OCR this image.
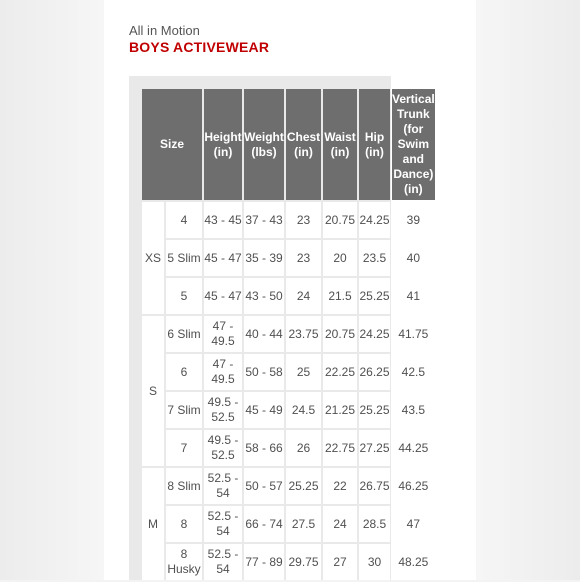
All in Motion
BOYS ACTIVEWEAR
Size		Height (in)	Weight (lbs)	Chest (in)	Waist (in)	Hip (in)	Vertical Trunk (for Swim and Dance) (in)
XS	4	43 - 45	37 - 43	23	20.75	24.25	39
	5 Slim	45 - 47	35 - 39	23	20	23.5	40
	5	45 - 47	43 - 50	24	21.5	25.25	41
S	6 Slim	47 - 49.5	40 - 44	23.75	20.75	24.25	41.75
	6	47 - 49.5	50 - 58	25	22.25	26.25	42.5
	7 Slim	49.5 - 52.5	45 - 49	24.5	21.25	25.25	43.5
	7	49.5 - 52.5	58 - 66	26	22.75	27.25	44.25
M	8 Slim	52.5 - 54	50 - 57	25.25	22	26.75	46.25
	8	52.5 - 54	66 - 74	27.5	24	28.5	47
	8 Husky	52.5 - 54	77 - 89	29.75	27	30	48.25
